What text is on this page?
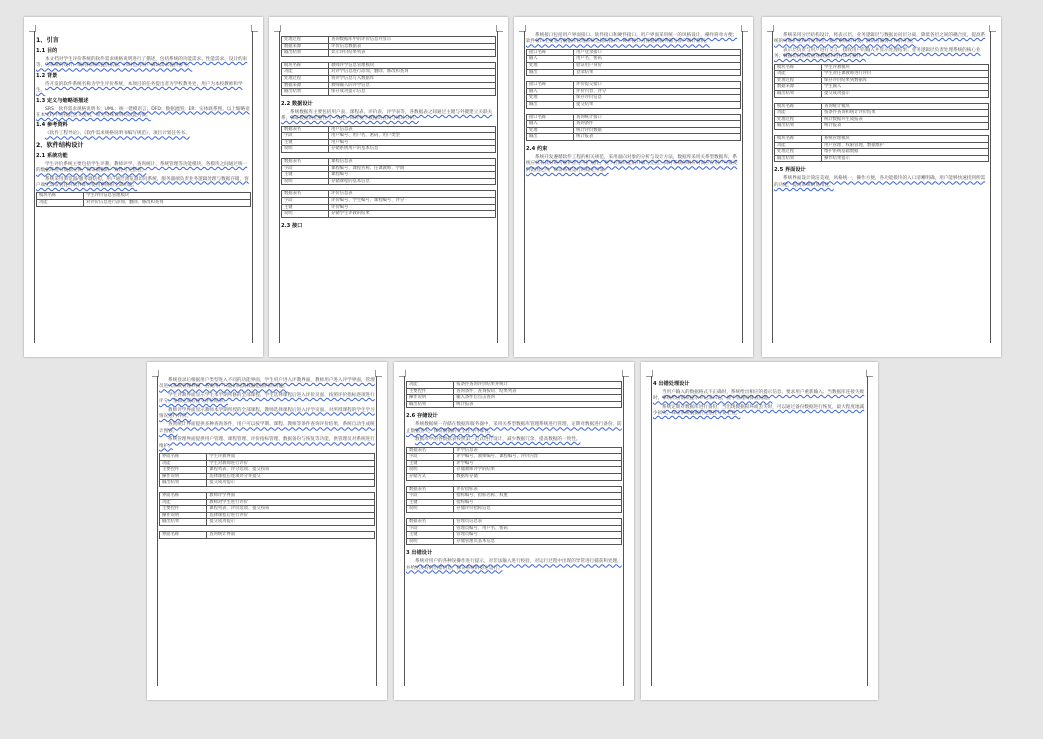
1、引言
1.1 目的
本文档对学生评价系统的软件需求规格说明进行了描述，包括系统的功能需求、性能需求、设计约束等，为系统的设计、编码和测试提供依据，同时也为用户确认需求提供参考。
1.2 背景
待开发的软件系统名称为学生评价系统，本项目的任务提出者为学校教务处，用户为本校教师和学生。
1.3 定义与缩略语描述
SRS：软件需求规格说明书；UML：统一建模语言；DFD：数据流图；ER：实体联系图。以上缩略语在本文档中均按此含义使用，如无特殊说明均以此为准。
1.4 参考资料
《软件工程导论》，《软件需求规格说明书编写规范》，项目计划任务书。
2、软件结构设计
2.1 系统功能
学生评价系统主要包括学生评教、教师评学、查询统计、系统管理等功能模块，各模块之间通过统一的数据库进行数据交换，保证数据的一致性与完整性。
系统采用浏览器/服务器结构，用户通过浏览器访问系统，服务器端负责业务逻辑处理与数据存储，客户端无需安装任何软件即可使用系统的全部功能。
模块名称	学生评价信息管理模块
功能	对评价信息进行添加、删除、修改和查询
处理过程	查询数据库中的评价信息并显示
数据来源	评价信息数据表
输出结果	显示评价结果列表
模块名称	教师评学信息管理模块
功能	对评学信息进行添加、删除、修改和查询
处理过程	将评学信息写入数据库
数据来源	教师输入的评学信息
输出结果	保存成功提示信息
2.2 数据设计
系统数据库主要包括用户表、课程表、评价表、评学表等，各数据表之间通过主键与外键建立关联关系，保证数据的完整性与一致性，同时便于数据的查询与统计分析。
数据表名	用户信息表
字段	用户编号、用户名、密码、用户类型
主键	用户编号
说明	存储系统用户的基本信息
数据表名	课程信息表
字段	课程编号、课程名称、任课教师、学期
主键	课程编号
说明	存储课程的基本信息
数据表名	评价信息表
字段	评价编号、学生编号、课程编号、评分
主键	评价编号
说明	存储学生评教的结果
2.3 接口
系统接口包括用户界面接口、软件接口和硬件接口。用户界面采用统一的风格设计，操作简单方便；软件接口主要是与数据库管理系统之间的接口；硬件接口为普通的服务器与客户端计算机。
接口名称	用户登录接口
输入	用户名、密码
处理	验证用户身份
输出	登录结果
接口名称	评价提交接口
输入	评价内容、评分
处理	保存评价信息
输出	提交结果
接口名称	查询统计接口
输入	查询条件
处理	统计评价数据
输出	统计报表
2.4 约束
系统开发遵循软件工程的相关规范，采用面向对象的分析与设计方法，数据库采用关系型数据库，系统应具有良好的可维护性与可扩展性，便于后期功能的升级与完善。同时系统的响应时间应在用户可接受的范围之内，保证系统运行的稳定可靠。
系统采用分层结构设计，将表示层、业务逻辑层与数据访问层分离，降低各层之间的耦合度，提高系统的可维护性和可复用性，便于系统的开发、测试与部署工作的开展。
表示层负责与用户进行交互，接收用户的输入并显示处理结果；业务逻辑层负责处理系统的核心业务；数据访问层负责对数据库进行读写操作。
模块名称	学生评教模块
功能	学生对任课教师进行评价
处理过程	保存评价结果到数据库
数据来源	学生输入
输出结果	提交成功提示
模块名称	查询统计模块
功能	按条件查询和统计评价结果
处理过程	统计数据并生成报表
输出结果	统计报表
模块名称	系统管理模块
功能	用户管理、权限管理、数据维护
处理过程	维护系统基础数据
输出结果	操作结果提示
2.5 界面设计
系统界面设计简洁美观，风格统一，操作方便，各功能模块的入口清晰明确，用户能够快速找到所需的功能，提高系统的易用性。
系统登录后根据用户类型进入不同的功能界面，学生用户进入评教界面，教师用户进入评学界面，管理员进入系统管理界面，各类用户只能访问其权限范围内的功能。
学生评教界面显示学生本学期所修的全部课程，学生选择课程后进入评价页面，按照评价指标逐项进行评分，全部完成后提交评价结果。
教师评学界面显示教师本学期所授的全部课程，教师选择课程后进入评学页面，对所授课程的学生学习情况进行评价。
查询统计界面提供多种查询条件，用户可以按学期、课程、教师等条件查询评价结果，系统自动生成统计图表。
系统管理界面提供用户管理、课程管理、评价指标管理、数据备份与恢复等功能，供管理员对系统进行维护。
界面名称	学生评教界面
功能	学生对教师进行评价
主要控件	课程列表、评分选项、提交按钮
操作说明	选择课程后逐项评分并提交
输出结果	提交成功提示
界面名称	教师评学界面
功能	教师对学生进行评价
主要控件	课程列表、评价选项、提交按钮
操作说明	选择课程后进行评价
输出结果	提交成功提示
界面名称	查询统计界面
功能	按条件查询评价结果并统计
主要控件	查询条件、查询按钮、结果列表
操作说明	输入条件后点击查询
输出结果	统计报表
2.6 存储设计
系统数据统一存储在数据库服务器中，采用关系型数据库管理系统进行管理，定期对数据进行备份，防止数据丢失，保证数据的安全性与可靠性。
数据库中的各数据表按照第三范式进行设计，减少数据冗余，提高数据的一致性。
数据表名	评学信息表
字段	评学编号、教师编号、课程编号、评价内容
主键	评学编号
说明	存储教师评学的结果
存储方式	数据库存储
数据表名	评价指标表
字段	指标编号、指标名称、权重
主键	指标编号
说明	存储评价指标信息
数据表名	管理员信息表
字段	管理员编号、用户名、密码
主键	管理员编号
说明	存储管理员基本信息
3 出错设计
系统对用户的各种误操作进行提示，对非法输入进行校验，对运行过程中出现的异常进行捕获和处理，并给出友好的出错信息，保证系统的稳定运行。
4 出错处理设计
当用户输入的数据格式不正确时，系统给出相应的提示信息，要求用户重新输入；当数据库连接失败时，系统给出错误提示并记录日志，便于管理员排查问题。
系统定期对数据库进行备份，当出现数据损坏或丢失时，可以通过备份数据进行恢复，最大程度地减少损失，保证系统数据的完整性与安全性。
